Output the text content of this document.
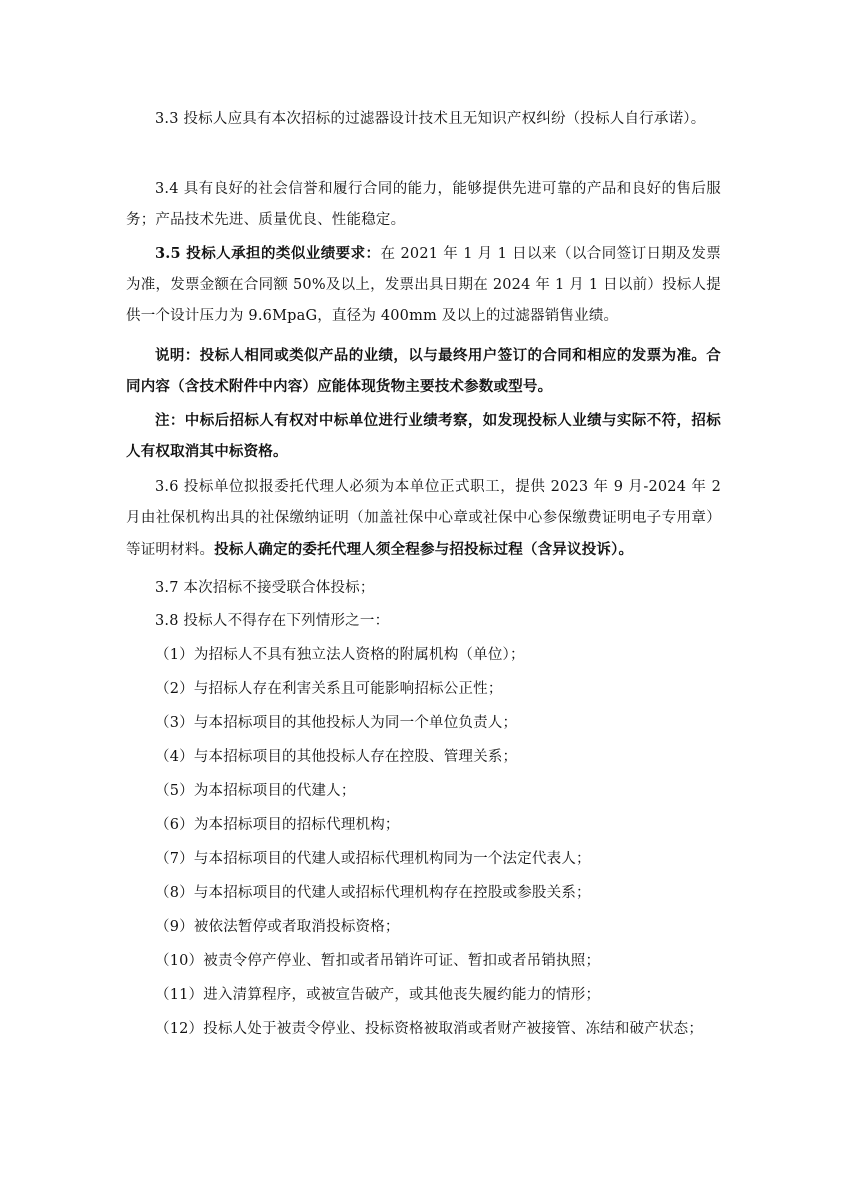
3.3 投标人应具有本次招标的过滤器设计技术且无知识产权纠纷（投标人自行承诺）。
3.4 具有良好的社会信誉和履行合同的能力，能够提供先进可靠的产品和良好的售后服务；产品技术先进、质量优良、性能稳定。
3.5 投标人承担的类似业绩要求：在 2021 年 1 月 1 日以来（以合同签订日期及发票为准，发票金额在合同额 50%及以上，发票出具日期在 2024 年 1 月 1 日以前）投标人提供一个设计压力为 9.6MpaG，直径为 400mm 及以上的过滤器销售业绩。
说明：投标人相同或类似产品的业绩，以与最终用户签订的合同和相应的发票为准。合同内容（含技术附件中内容）应能体现货物主要技术参数或型号。
注：中标后招标人有权对中标单位进行业绩考察，如发现投标人业绩与实际不符，招标人有权取消其中标资格。
3.6 投标单位拟报委托代理人必须为本单位正式职工，提供 2023 年 9 月-2024 年 2 月由社保机构出具的社保缴纳证明（加盖社保中心章或社保中心参保缴费证明电子专用章）等证明材料。投标人确定的委托代理人须全程参与招投标过程（含异议投诉）。
3.7 本次招标不接受联合体投标；
3.8 投标人不得存在下列情形之一：
（1）为招标人不具有独立法人资格的附属机构（单位）；
（2）与招标人存在利害关系且可能影响招标公正性；
（3）与本招标项目的其他投标人为同一个单位负责人；
（4）与本招标项目的其他投标人存在控股、管理关系；
（5）为本招标项目的代建人；
（6）为本招标项目的招标代理机构；
（7）与本招标项目的代建人或招标代理机构同为一个法定代表人；
（8）与本招标项目的代建人或招标代理机构存在控股或参股关系；
（9）被依法暂停或者取消投标资格；
（10）被责令停产停业、暂扣或者吊销许可证、暂扣或者吊销执照；
（11）进入清算程序，或被宣告破产，或其他丧失履约能力的情形；
（12）投标人处于被责令停业、投标资格被取消或者财产被接管、冻结和破产状态；
